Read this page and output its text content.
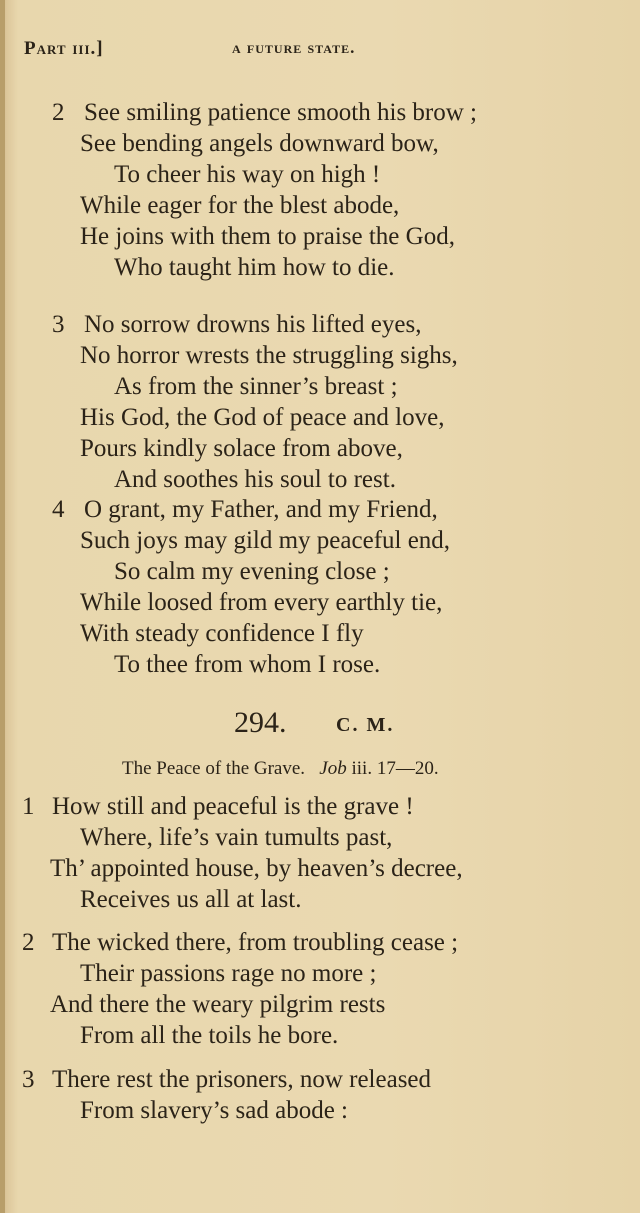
Part iii.]	a future state.
2 See smiling patience smooth his brow ;
See bending angels downward bow,
To cheer his way on high !
While eager for the blest abode,
He joins with them to praise the God,
Who taught him how to die.
3 No sorrow drowns his lifted eyes,
No horror wrests the struggling sighs,
As from the sinner’s breast ;
His God, the God of peace and love,
Pours kindly solace from above,
And soothes his soul to rest.
4 O grant, my Father, and my Friend,
Such joys may gild my peaceful end,
So calm my evening close ;
While loosed from every earthly tie,
With steady confidence I fly
To thee from whom I rose.
1 How still and peaceful is the grave !
Where, life’s vain tumults past,
Th’ appointed house, by heaven’s decree,
Receives us all at last.
2 The wicked there, from troubling cease ;
Their passions rage no more ;
And there the weary pilgrim rests
From all the toils he bore.
3 There rest the prisoners, now released
From slavery’s sad abode :
294. C. M.
The Peace of the Grave. Job iii. 17—20.
